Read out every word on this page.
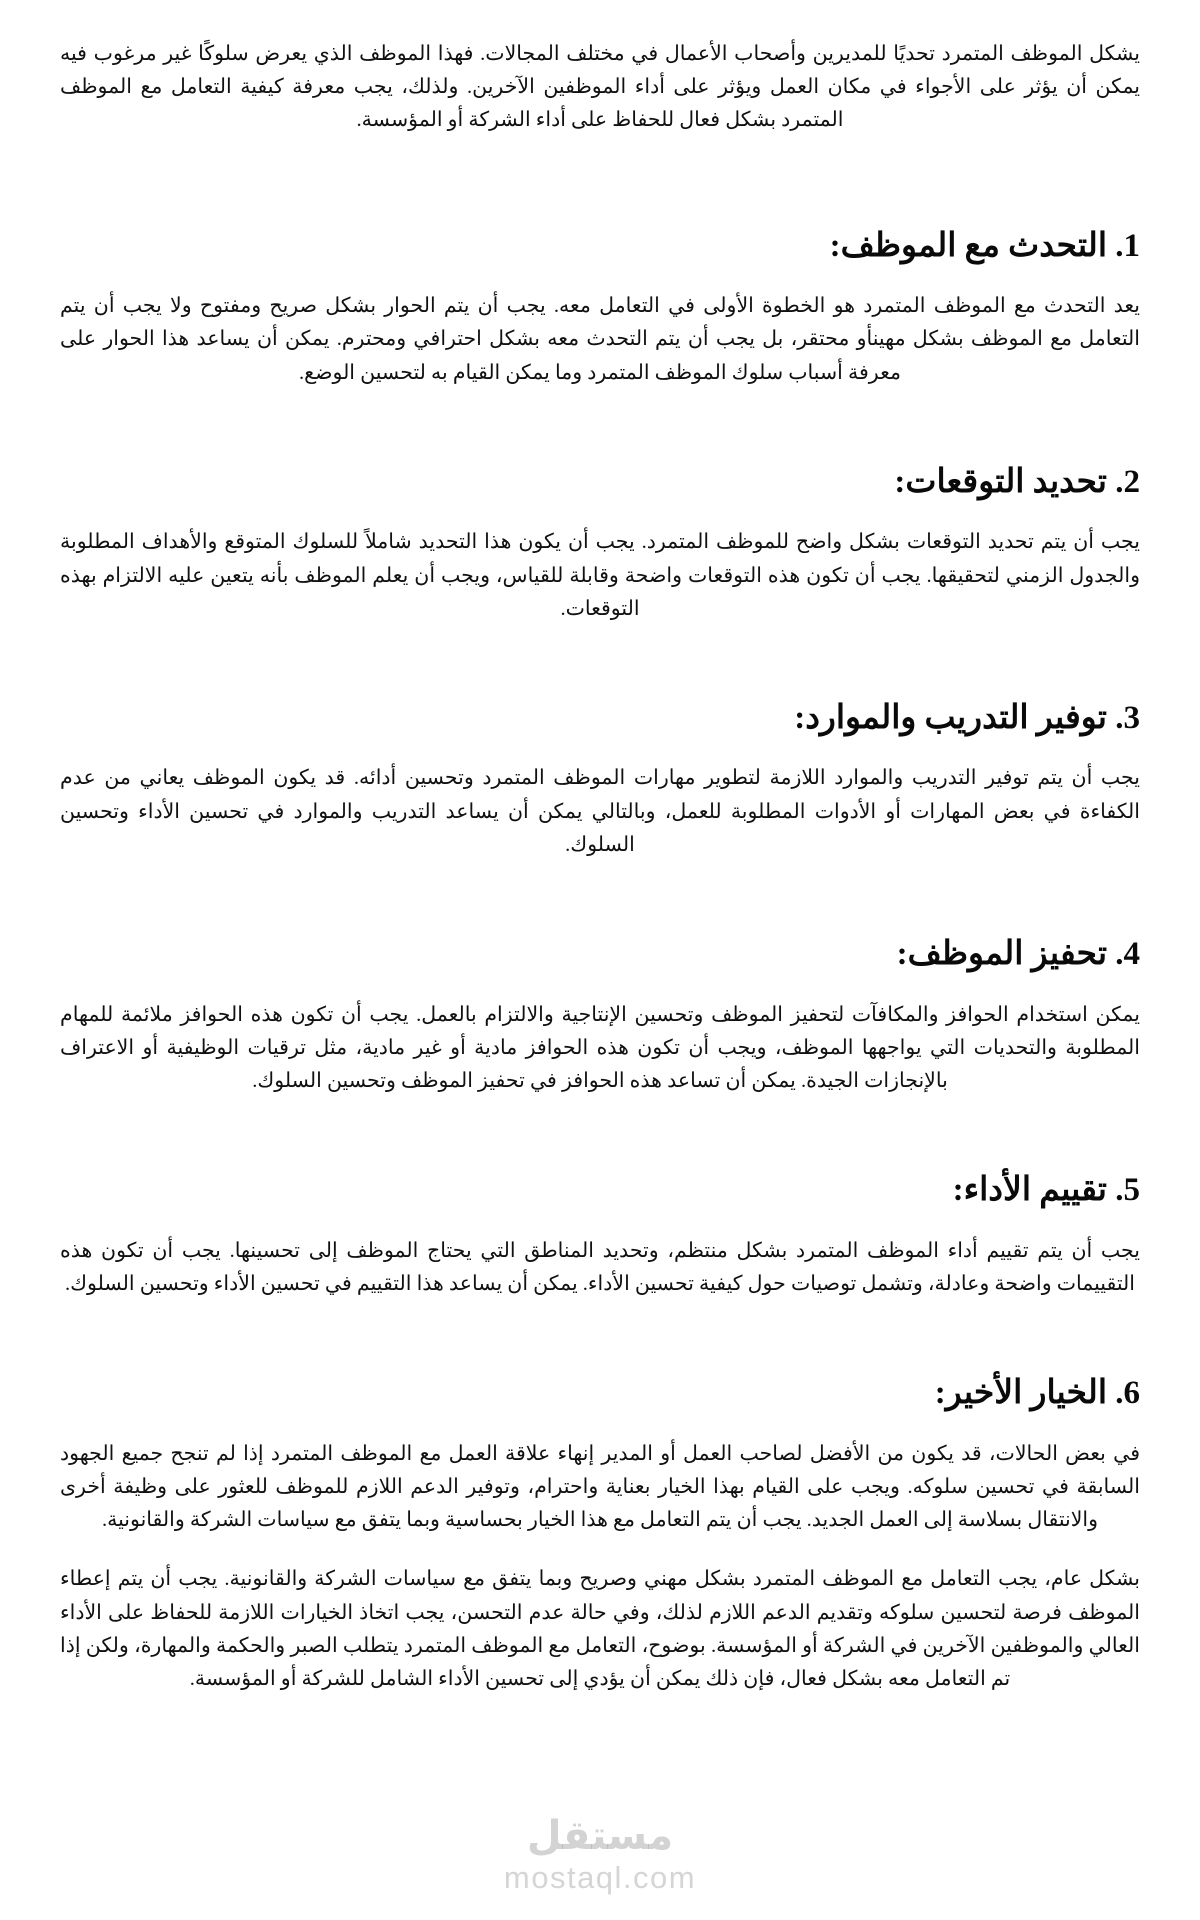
يشكل الموظف المتمرد تحديًا للمديرين وأصحاب الأعمال في مختلف المجالات. فهذا الموظف الذي يعرض سلوكًا غير مرغوب فيه يمكن أن يؤثر على الأجواء في مكان العمل ويؤثر على أداء الموظفين الآخرين. ولذلك، يجب معرفة كيفية التعامل مع الموظف المتمرد بشكل فعال للحفاظ على أداء الشركة أو المؤسسة.

1. التحدث مع الموظف:

يعد التحدث مع الموظف المتمرد هو الخطوة الأولى في التعامل معه. يجب أن يتم الحوار بشكل صريح ومفتوح ولا يجب أن يتم التعامل مع الموظف بشكل مهينأو محتقر، بل يجب أن يتم التحدث معه بشكل احترافي ومحترم. يمكن أن يساعد هذا الحوار على معرفة أسباب سلوك الموظف المتمرد وما يمكن القيام به لتحسين الوضع.

2. تحديد التوقعات:

يجب أن يتم تحديد التوقعات بشكل واضح للموظف المتمرد. يجب أن يكون هذا التحديد شاملاً للسلوك المتوقع والأهداف المطلوبة والجدول الزمني لتحقيقها. يجب أن تكون هذه التوقعات واضحة وقابلة للقياس، ويجب أن يعلم الموظف بأنه يتعين عليه الالتزام بهذه التوقعات.

3. توفير التدريب والموارد:

يجب أن يتم توفير التدريب والموارد اللازمة لتطوير مهارات الموظف المتمرد وتحسين أدائه. قد يكون الموظف يعاني من عدم الكفاءة في بعض المهارات أو الأدوات المطلوبة للعمل، وبالتالي يمكن أن يساعد التدريب والموارد في تحسين الأداء وتحسين السلوك.

4. تحفيز الموظف:

يمكن استخدام الحوافز والمكافآت لتحفيز الموظف وتحسين الإنتاجية والالتزام بالعمل. يجب أن تكون هذه الحوافز ملائمة للمهام المطلوبة والتحديات التي يواجهها الموظف، ويجب أن تكون هذه الحوافز مادية أو غير مادية، مثل ترقيات الوظيفية أو الاعتراف بالإنجازات الجيدة. يمكن أن تساعد هذه الحوافز في تحفيز الموظف وتحسين السلوك.

5. تقييم الأداء:

يجب أن يتم تقييم أداء الموظف المتمرد بشكل منتظم، وتحديد المناطق التي يحتاج الموظف إلى تحسينها. يجب أن تكون هذه التقييمات واضحة وعادلة، وتشمل توصيات حول كيفية تحسين الأداء. يمكن أن يساعد هذا التقييم في تحسين الأداء وتحسين السلوك.

6. الخيار الأخير:

في بعض الحالات، قد يكون من الأفضل لصاحب العمل أو المدير إنهاء علاقة العمل مع الموظف المتمرد إذا لم تنجح جميع الجهود السابقة في تحسين سلوكه. ويجب على القيام بهذا الخيار بعناية واحترام، وتوفير الدعم اللازم للموظف للعثور على وظيفة أخرى والانتقال بسلاسة إلى العمل الجديد. يجب أن يتم التعامل مع هذا الخيار بحساسية وبما يتفق مع سياسات الشركة والقانونية.

بشكل عام، يجب التعامل مع الموظف المتمرد بشكل مهني وصريح وبما يتفق مع سياسات الشركة والقانونية. يجب أن يتم إعطاء الموظف فرصة لتحسين سلوكه وتقديم الدعم اللازم لذلك، وفي حالة عدم التحسن، يجب اتخاذ الخيارات اللازمة للحفاظ على الأداء العالي والموظفين الآخرين في الشركة أو المؤسسة. بوضوح، التعامل مع الموظف المتمرد يتطلب الصبر والحكمة والمهارة، ولكن إذا تم التعامل معه بشكل فعال، فإن ذلك يمكن أن يؤدي إلى تحسين الأداء الشامل للشركة أو المؤسسة.

مستقل
mostaql.com
